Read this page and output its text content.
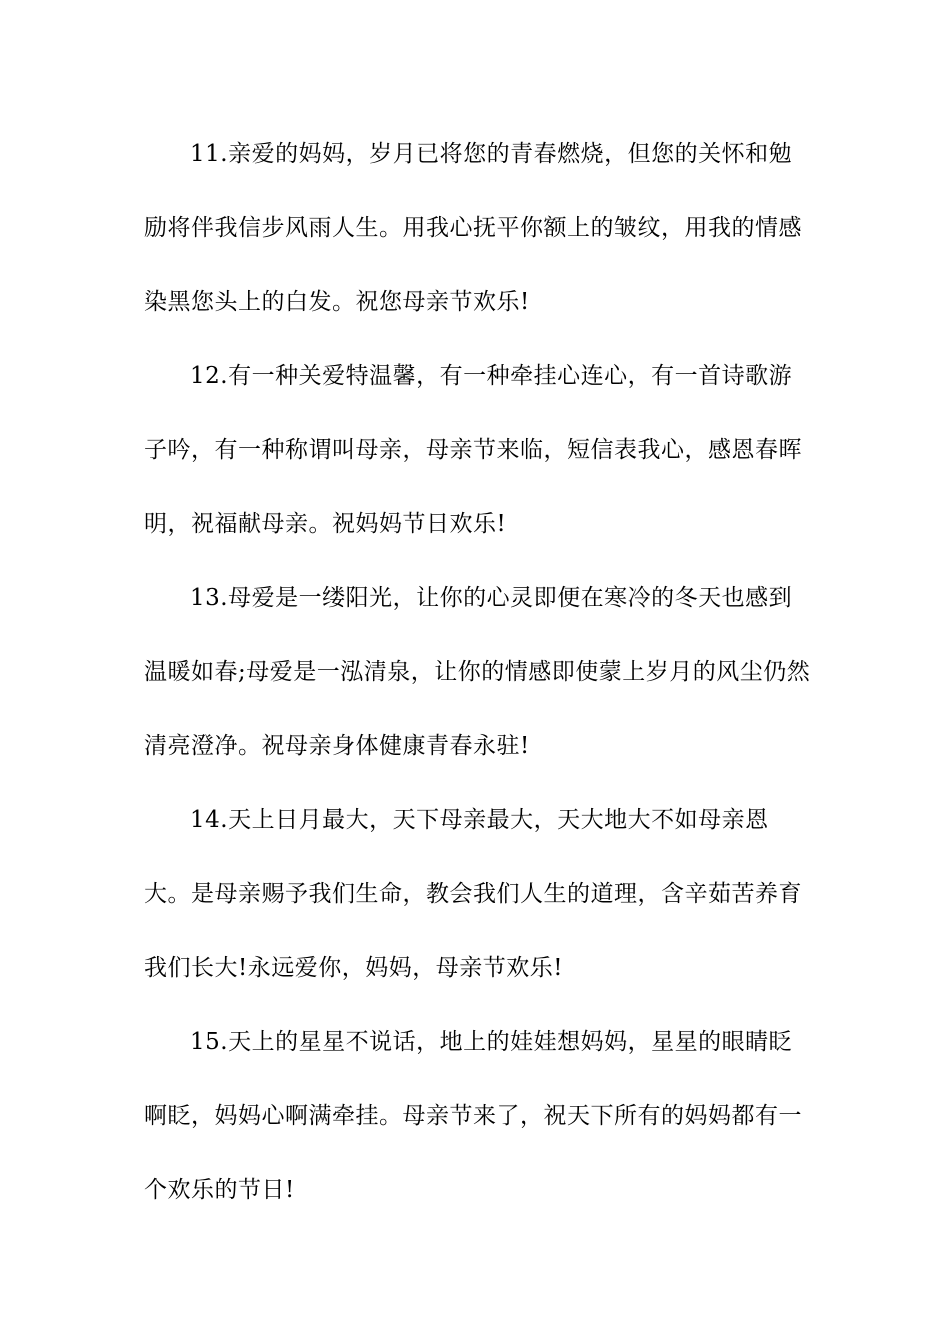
11.亲爱的妈妈，岁月已将您的青春燃烧，但您的关怀和勉励将伴我信步风雨人生。用我心抚平你额上的皱纹，用我的情感染黑您头上的白发。祝您母亲节欢乐!

12.有一种关爱特温馨，有一种牵挂心连心，有一首诗歌游子吟，有一种称谓叫母亲，母亲节来临，短信表我心，感恩春晖明，祝福献母亲。祝妈妈节日欢乐!

13.母爱是一缕阳光，让你的心灵即便在寒冷的冬天也感到温暖如春;母爱是一泓清泉，让你的情感即使蒙上岁月的风尘仍然清亮澄净。祝母亲身体健康青春永驻!

14.天上日月最大，天下母亲最大，天大地大不如母亲恩大。是母亲赐予我们生命，教会我们人生的道理，含辛茹苦养育我们长大!永远爱你，妈妈，母亲节欢乐!

15.天上的星星不说话，地上的娃娃想妈妈，星星的眼睛眨啊眨，妈妈心啊满牵挂。母亲节来了，祝天下所有的妈妈都有一个欢乐的节日!
